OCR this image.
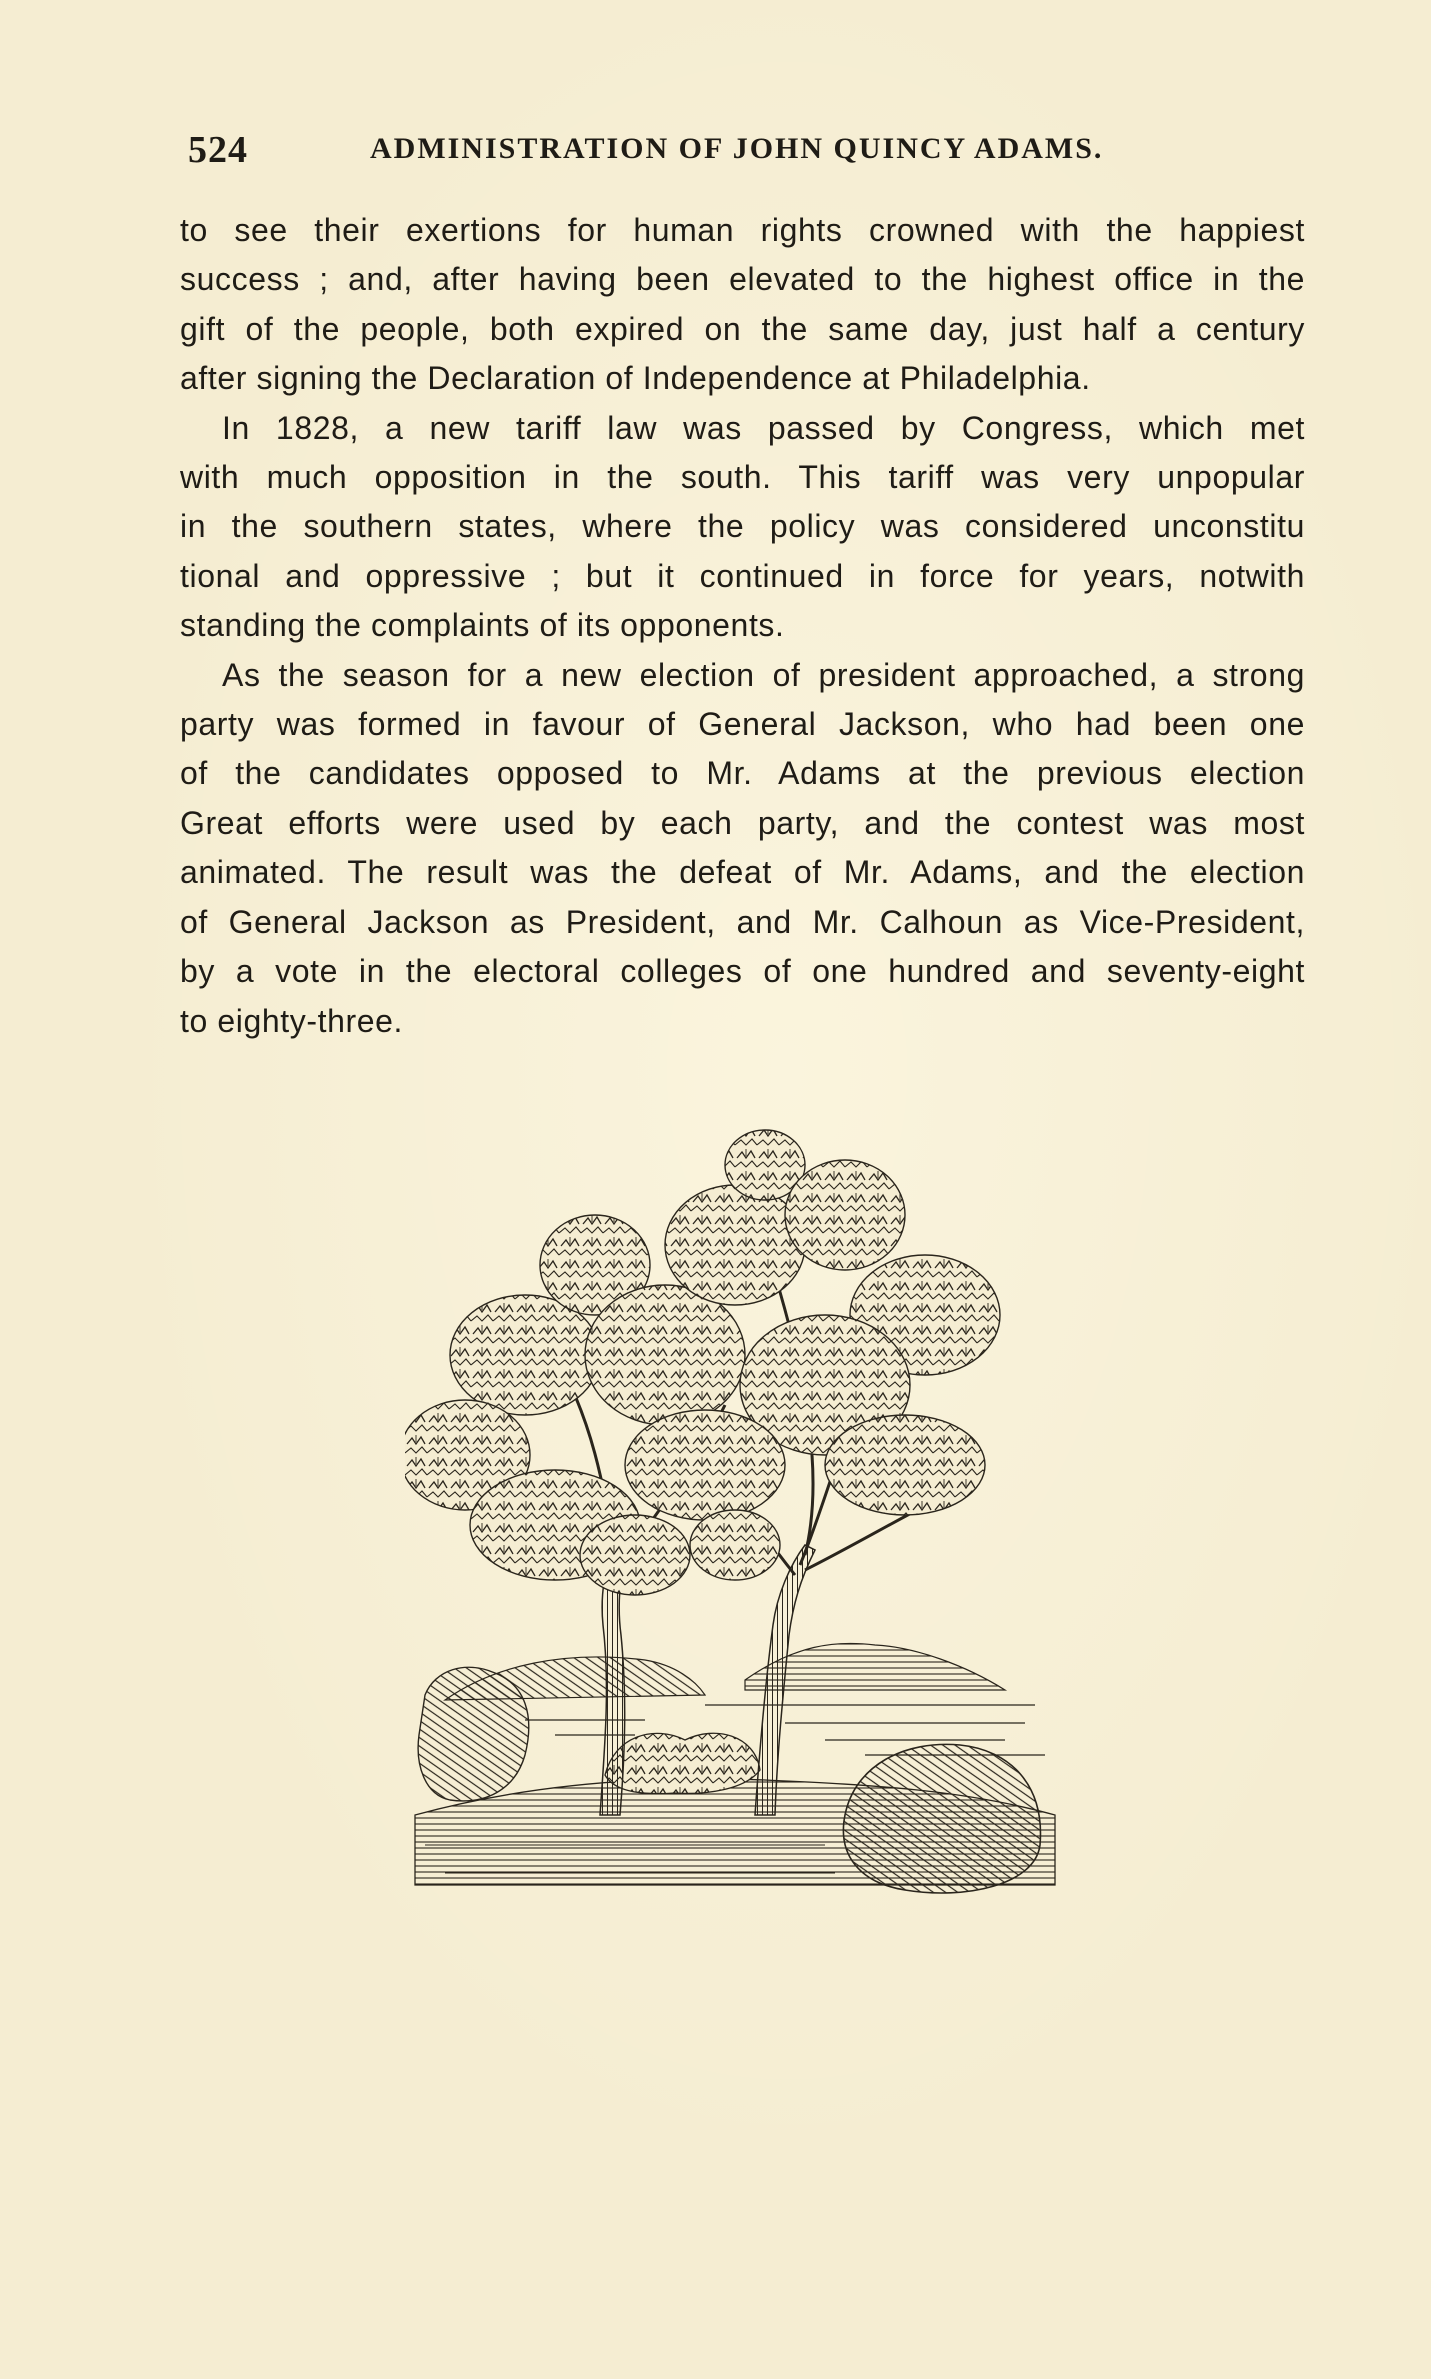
524	ADMINISTRATION OF JOHN QUINCY ADAMS.
to see their exertions for human rights crowned with the happiest
success ; and, after having been elevated to the highest office in the
gift of the people, both expired on the same day, just half a century
after signing the Declaration of Independence at Philadelphia.
In 1828, a new tariff law was passed by Congress, which met
with much opposition in the south. This tariff was very unpopular
in the southern states, where the policy was considered unconstitu
tional and oppressive ; but it continued in force for years, notwith
standing the complaints of its opponents.
As the season for a new election of president approached, a strong
party was formed in favour of General Jackson, who had been one
of the candidates opposed to Mr. Adams at the previous election
Great efforts were used by each party, and the contest was most
animated. The result was the defeat of Mr. Adams, and the election
of General Jackson as President, and Mr. Calhoun as Vice-President,
by a vote in the electoral colleges of one hundred and seventy-eight
to eighty-three.
